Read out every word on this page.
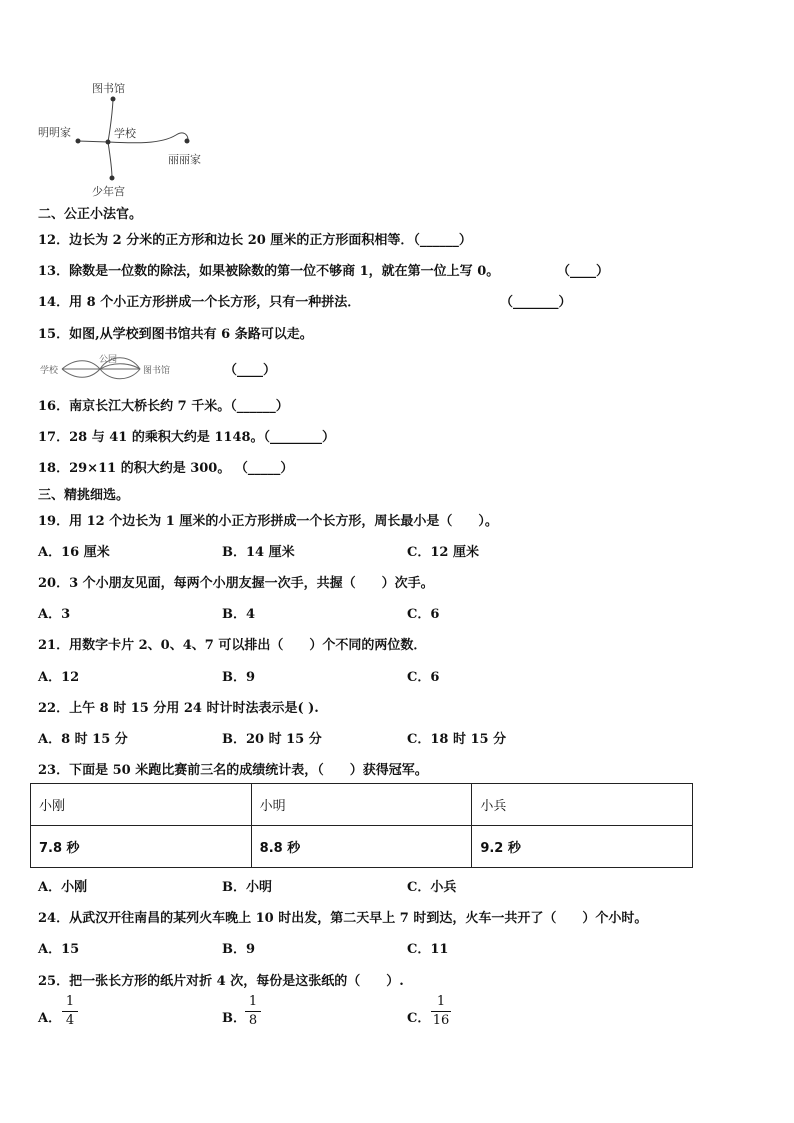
图书馆
明明家	学校
丽丽家
少年宫
二、公正小法官。
12．边长为 2 分米的正方形和边长 20 厘米的正方形面积相等．（______）
13．除数是一位数的除法，如果被除数的第一位不够商 1，就在第一位上写 0。	（____）
14．用 8 个小正方形拼成一个长方形，只有一种拼法．	（_______）
15．如图,从学校到图书馆共有 6 条路可以走。
学校
公园
图书馆	（____）
16．南京长江大桥长约 7 千米。（______）
17．28 与 41 的乘积大约是 1148。（________）
18．29×11 的积大约是 300。 （_____）
三、精挑细选。
19．用 12 个边长为 1 厘米的小正方形拼成一个长方形，周长最小是（　　）。
A．16 厘米	B．14 厘米	C．12 厘米
20．3 个小朋友见面，每两个小朋友握一次手，共握（　　）次手。
A．3	B．4	C．6
21．用数字卡片 2、0、4、7 可以排出（　　）个不同的两位数．
A．12	B．9	C．6
22．上午 8 时 15 分用 24 时计时法表示是( ).
A．8 时 15 分	B．20 时 15 分	C．18 时 15 分
23．下面是 50 米跑比赛前三名的成绩统计表，（　　）获得冠军。
小刚	小明	小兵
7.8 秒	8.8 秒	9.2 秒
A．小刚	B．小明	C．小兵
24．从武汉开往南昌的某列火车晚上 10 时出发，第二天早上 7 时到达，火车一共开了（　　）个小时。
A．15	B．9	C．11
25．把一张长方形的纸片对折 4 次，每份是这张纸的（　　）.
A．
1
4	B．
1
8	C．
1
16
